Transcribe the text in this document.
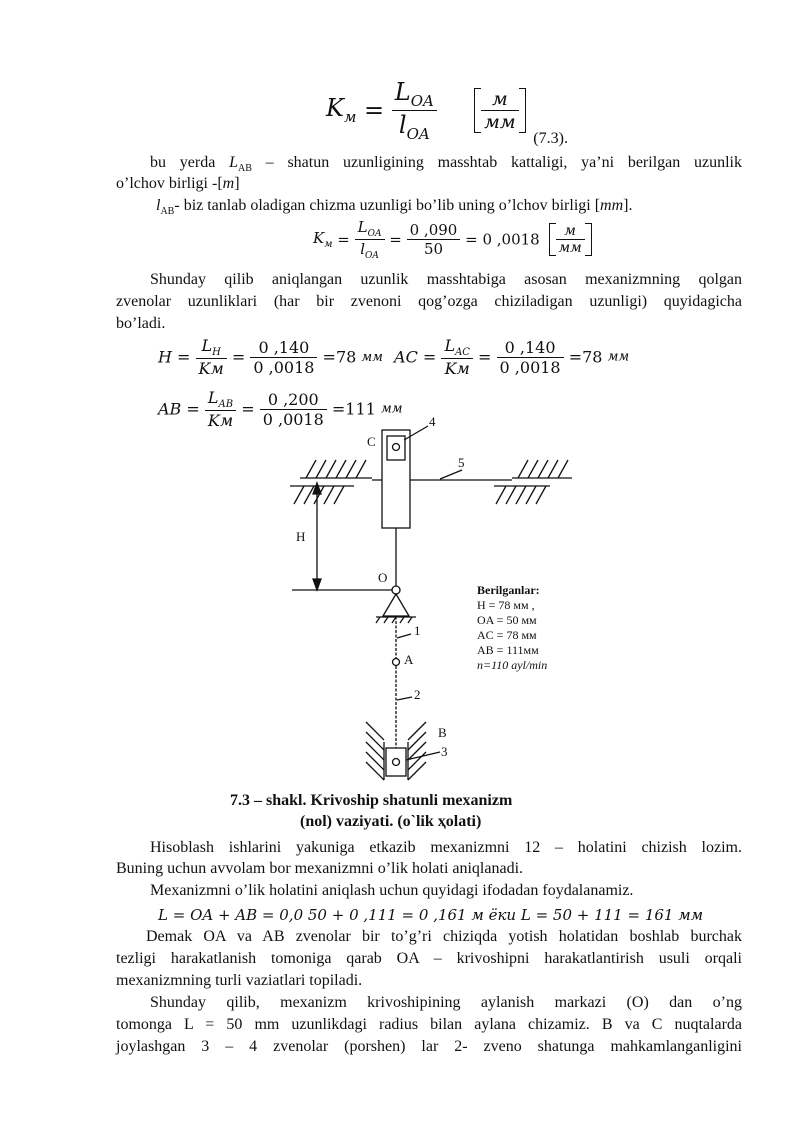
$K_м = \frac{L_{OA}}{l_{OA}}$
$\frac{м}{мм}$
$_{(7.3).}$
bu yerda $L_{AB}$ – shatun uzunligining masshtab kattaligi, ya’ni berilgan uzunlik
o’lchov birligi -[m]
$l_{AB}-$ biz tanlab oladigan chizma uzunligi bo’lib uning o’lchov birligi [mm].
$K_м = \frac{L_{OA}}{l_{OA}} = \frac{0 ,090}{50} = 0$ $,0018 \frac{м}{мм}$
Shunday qilib aniqlangan uzunlik masshtabiga asosan mexanizmning qolgan
zvenolar uzunliklari (har bir zvenoni qog’ozga chiziladigan uzunligi) quyidagicha
bo’ladi.
$H = \frac{L_H}{Kм} = \frac{0 ,140}{0 ,0018} =78$ мм AC = $\frac{L_{AC}}{Kм} = \frac{0 ,140}{0 ,0018} =78$ мм
AB = $\frac{L_{AB}}{Kм} = \frac{0 ,200}{0 ,0018} =111$ мм
C
4
5
H
O
1
A
2
B
3
Berilganlar:
H = 78 мм ,
OA = 50 мм
AC = 78 мм
AB = 111мм
n=110 ayl/min
7.3 – shakl. Krivoship shatunli mexanizm
(nol) vaziyati. (o`lik ҳolati)
Hisoblash ishlarini yakuniga etkazib mexanizmni 12 – holatini chizish lozim.
Buning uchun avvolam bor mexanizmni o’lik holati aniqlanadi.
Mexanizmni o’lik holatini aniqlash uchun quyidagi ifodadan foydalanamiz.
L = OA + AB = 0,0 50 + 0 ,111 = 0 ,161 м ёки L = 50 + 111 = 161 мм
Demak OA va AB zvenolar bir to’g’ri chiziqda yotish holatidan boshlab burchak
tezligi harakatlanish tomoniga qarab OA – krivoshipni harakatlantirish usuli orqali
mexanizmning turli vaziatlari topiladi.
Shunday qilib, mexanizm krivoshipining aylanish markazi (O) dan o’ng
tomonga L = 50 mm uzunlikdagi radius bilan aylana chizamiz. B va C nuqtalarda
joylashgan 3 – 4 zvenolar (porshen) lar 2- zveno shatunga mahkamlanganligini
